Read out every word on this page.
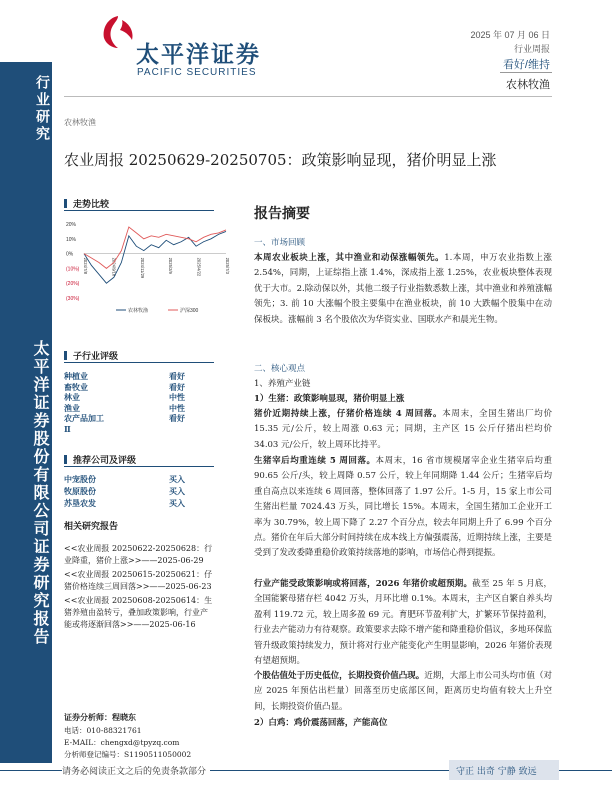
行业研究
太平洋证券股份有限公司证券研究报告
太平洋证券
PACIFIC SECURITIES
2025 年 07 月 06 日
行业周报
看好/维持
农林牧渔
农林牧渔
农业周报 20250629-20250705：政策影响显现，猪价明显上涨
走势比较
20%
10%
0%
(10%)
(20%)
(30%)
2024/7/8	2024/9/18	2024/11/29	2025/2/9	2025/4/22	2025/7/3
农林牧渔	沪深300
子行业评级
种植业	看好
畜牧业	看好
林业	中性
渔业	中性
农产品加工	看好
Ⅱ
推荐公司及评级
中宠股份	买入
牧原股份	买入
苏垦农发	买入
相关研究报告
<<农业周报 20250622-20250628：行业降重，猪价上涨>>——2025-06-29
<<农业周报 20250615-20250621：仔猪价格连续三周回落>>——2025-06-23
<<农业周报 20250608-20250614：生猪养殖由盈转亏，叠加政策影响，行业产能或将逐渐回落>>——2025-06-16
证券分析师：程晓东
电话：010-88321761
E-MAIL：chengxd@tpyzq.com
分析师登记编号：S1190511050002
报告摘要
一、市场回顾
本周农业板块上涨，其中渔业和动保涨幅领先。1.本周，申万农业指数上涨 2.54%，同期，上证综指上涨 1.4%，深成指上涨 1.25%，农业板块整体表现优于大市。2.除动保以外，其他二级子行业指数悉数上涨，其中渔业和养殖涨幅领先；3. 前 10 大涨幅个股主要集中在渔业板块，前 10 大跌幅个股集中在动保板块。涨幅前 3 名个股依次为华资实业、国联水产和晨光生物。
二、核心观点
1、养殖产业链
1）生猪：政策影响显现，猪价明显上涨
猪价近期持续上涨，仔猪价格连续 4 周回落。本周末，全国生猪出厂均价 15.35 元/公斤，较上周涨 0.63 元；同期，主产区 15 公斤仔猪出栏均价 34.03 元/公斤，较上周环比持平。
生猪宰后均重连续 5 周回落。本周末，16 省市规模屠宰企业生猪宰后均重 90.65 公斤/头，较上周降 0.57 公斤，较上年同期降 1.44 公斤；生猪宰后均重自高点以来连续 6 周回落，整体回落了 1.97 公斤。1-5 月，15 家上市公司生猪出栏量 7024.43 万头，同比增长 15%。本周末，全国生猪加工企业开工率为 30.79%，较上周下降了 2.27 个百分点，较去年同期上升了 6.99 个百分点。猪价在年后大部分时间持续在成本线上方偏强震荡，近期持续上涨，主要是受到了发改委降重稳价政策持续落地的影响，市场信心得到提振。
行业产能受政策影响或将回落，2026 年猪价或超预期。截至 25 年 5 月底，全国能繁母猪存栏 4042 万头，月环比增 0.1%。本周末，主产区自繁自养头均盈利 119.72 元，较上周多盈 69 元。育肥环节盈利扩大，扩繁环节保持盈利，行业去产能动力有待观察。政策要求去除不增产能和降重稳价倡议，多地环保监管升级政策持续发力，预计将对行业产能变化产生明显影响，2026 年猪价表现有望超预期。
个股估值处于历史低位，长期投资价值凸现。近期，大部上市公司头均市值（对应 2025 年预估出栏量）回落至历史底部区间，距离历史均值有较大上升空间，长期投资价值凸显。
2）白鸡：鸡价震荡回落，产能高位
请务必阅读正文之后的免责条款部分	守正 出奇 宁静 致远
